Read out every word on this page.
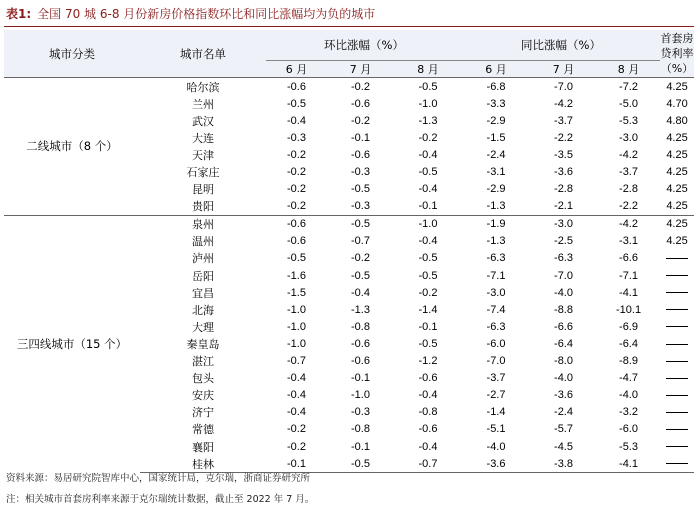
表1: 全国 70 城 6-8 月份新房价格指数环比和同比涨幅均为负的城市
城市分类	城市名单	环比涨幅（%）			同比涨幅（%）			首套房贷利率（%）
		6 月	7 月	8 月	6 月	7 月	8 月	
二线城市（8 个）	哈尔滨	-0.6	-0.2	-0.5	-6.8	-7.0	-7.2	4.25
	兰州	-0.5	-0.6	-1.0	-3.3	-4.2	-5.0	4.70
	武汉	-0.4	-0.2	-1.3	-2.9	-3.7	-5.3	4.80
	大连	-0.3	-0.1	-0.2	-1.5	-2.2	-3.0	4.25
	天津	-0.2	-0.6	-0.4	-2.4	-3.5	-4.2	4.25
	石家庄	-0.2	-0.3	-0.5	-3.1	-3.6	-3.7	4.25
	昆明	-0.2	-0.5	-0.4	-2.9	-2.8	-2.8	4.25
	贵阳	-0.2	-0.3	-0.1	-1.3	-2.1	-2.2	4.25
三四线城市（15 个）	泉州	-0.6	-0.5	-1.0	-1.9	-3.0	-4.2	4.25
	温州	-0.6	-0.7	-0.4	-1.3	-2.5	-3.1	4.25
	泸州	-0.5	-0.2	-0.5	-6.3	-6.3	-6.6	
	岳阳	-1.6	-0.5	-0.5	-7.1	-7.0	-7.1	
	宜昌	-1.5	-0.4	-0.2	-3.0	-4.0	-4.1	
	北海	-1.0	-1.3	-1.4	-7.4	-8.8	-10.1	
	大理	-1.0	-0.8	-0.1	-6.3	-6.6	-6.9	
	秦皇岛	-1.0	-0.6	-0.5	-6.0	-6.4	-6.4	
	湛江	-0.7	-0.6	-1.2	-7.0	-8.0	-8.9	
	包头	-0.4	-0.1	-0.6	-3.7	-4.0	-4.7	
	安庆	-0.4	-1.0	-0.4	-2.7	-3.6	-4.0	
	济宁	-0.4	-0.3	-0.8	-1.4	-2.4	-3.2	
	常德	-0.2	-0.8	-0.6	-5.1	-5.7	-6.0	
	襄阳	-0.2	-0.1	-0.4	-4.0	-4.5	-5.3	
	桂林	-0.1	-0.5	-0.7	-3.6	-3.8	-4.1	
资料来源：易居研究院智库中心，国家统计局，克尔瑞，浙商证券研究所
注：相关城市首套房利率来源于克尔瑞统计数据，截止至 2022 年 7 月。
